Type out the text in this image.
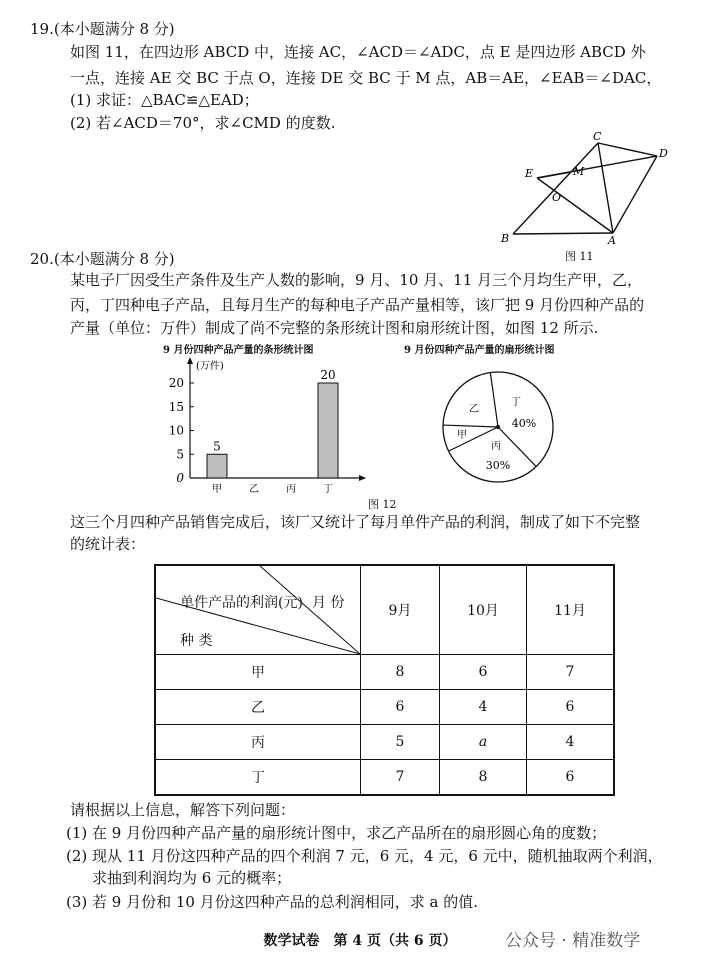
19.(本小题满分 8 分)
如图 11，在四边形 ABCD 中，连接 AC，∠ACD＝∠ADC，点 E 是四边形 ABCD 外
一点，连接 AE 交 BC 于点 O，连接 DE 交 BC 于 M 点，AB＝AE，∠EAB＝∠DAC，
(1) 求证：△BAC≌△EAD；
(2) 若∠ACD＝70°，求∠CMD 的度数.
C
D
E	M
O
B	A
图 11
20.(本小题满分 8 分)
某电子厂因受生产条件及生产人数的影响，9 月、10 月、11 月三个月均生产甲，乙，
丙，丁四种电子产品，且每月生产的每种电子产品产量相等，该厂把 9 月份四种产品的
产量（单位：万件）制成了尚不完整的条形统计图和扇形统计图，如图 12 所示.
9 月份四种产品产量的条形统计图
(万件)
0
5
10
15
20
甲
5
乙	丙	丁
20
9 月份四种产品产量的扇形统计图
丁
40%
丙
30%
甲
乙
图 12
这三个月四种产品销售完成后，该厂又统计了每月单件产品的利润，制成了如下不完整
的统计表：
月 份
单件产品的利润(元)
种 类	9月	10月	11月
甲	8	6	7
乙	6	4	6
丙	5	a	4
丁	7	8	6
请根据以上信息，解答下列问题：
(1) 在 9 月份四种产品产量的扇形统计图中，求乙产品所在的扇形圆心角的度数；
(2) 现从 11 月份这四种产品的四个利润 7 元，6 元，4 元，6 元中，随机抽取两个利润，
求抽到利润均为 6 元的概率；
(3) 若 9 月份和 10 月份这四种产品的总利润相同，求 a 的值.
数学试卷　第 4 页（共 6 页）	公众号 · 精准数学
